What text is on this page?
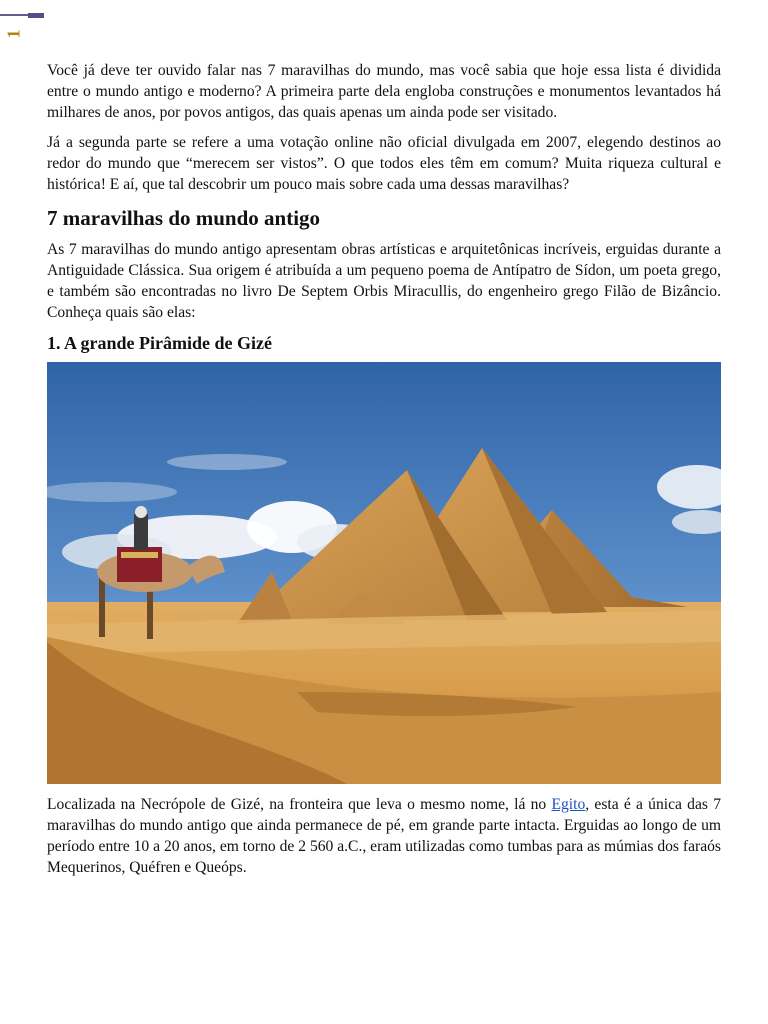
1

Você já deve ter ouvido falar nas 7 maravilhas do mundo, mas você sabia que hoje essa lista é dividida entre o mundo antigo e moderno? A primeira parte dela engloba construções e monumentos levantados há milhares de anos, por povos antigos, das quais apenas um ainda pode ser visitado.

Já a segunda parte se refere a uma votação online não oficial divulgada em 2007, elegendo destinos ao redor do mundo que “merecem ser vistos”. O que todos eles têm em comum? Muita riqueza cultural e histórica! E aí, que tal descobrir um pouco mais sobre cada uma dessas maravilhas?

7 maravilhas do mundo antigo

As 7 maravilhas do mundo antigo apresentam obras artísticas e arquitetônicas incríveis, erguidas durante a Antiguidade Clássica. Sua origem é atribuída a um pequeno poema de Antípatro de Sídon, um poeta grego, e também são encontradas no livro De Septem Orbis Miracullis, do engenheiro grego Filão de Bizâncio. Conheça quais são elas:

1. A grande Pirâmide de Gizé

Localizada na Necrópole de Gizé, na fronteira que leva o mesmo nome, lá no Egito, esta é a única das 7 maravilhas do mundo antigo que ainda permanece de pé, em grande parte intacta. Erguidas ao longo de um período entre 10 a 20 anos, em torno de 2 560 a.C., eram utilizadas como tumbas para as múmias dos faraós Mequerinos, Quéfren e Queóps.
